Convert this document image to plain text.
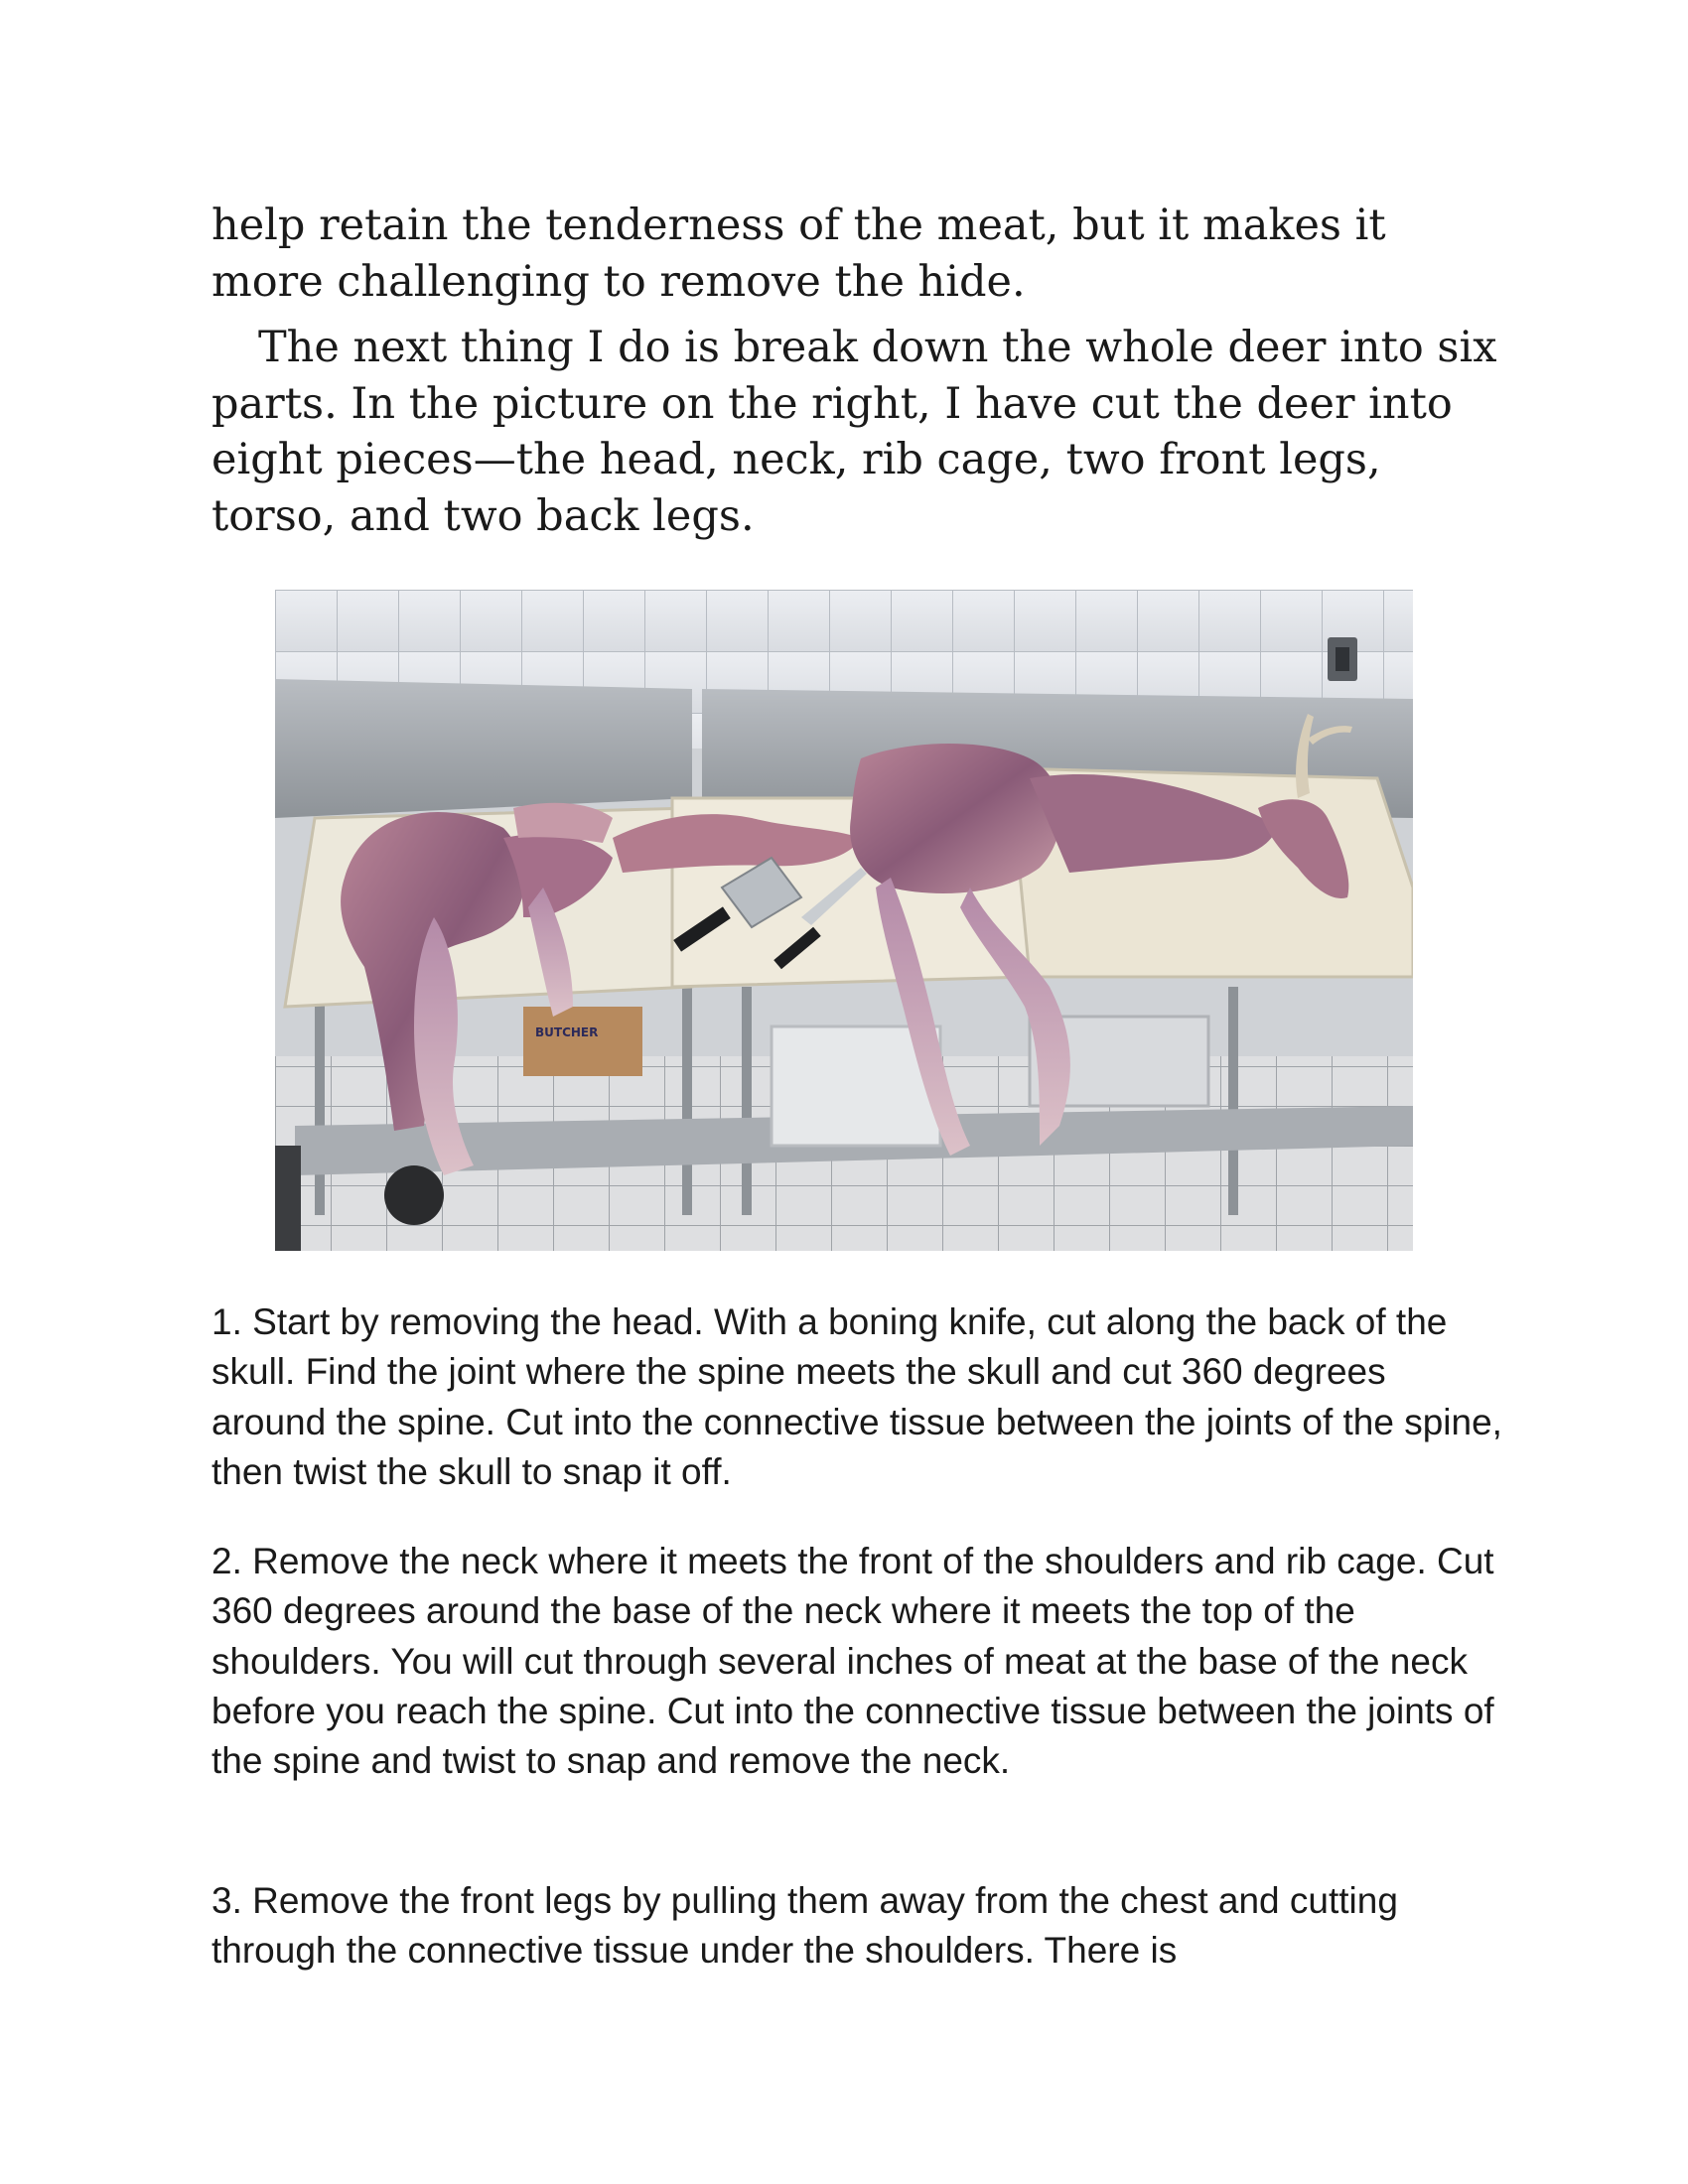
help retain the tenderness of the meat, but it makes it more challenging to remove the hide.

The next thing I do is break down the whole deer into six parts. In the picture on the right, I have cut the deer into eight pieces—the head, neck, rib cage, two front legs, torso, and two back legs.

BUTCHER

1. Start by removing the head. With a boning knife, cut along the back of the skull. Find the joint where the spine meets the skull and cut 360 degrees around the spine. Cut into the connective tissue between the joints of the spine, then twist the skull to snap it off.

2. Remove the neck where it meets the front of the shoulders and rib cage. Cut 360 degrees around the base of the neck where it meets the top of the shoulders. You will cut through several inches of meat at the base of the neck before you reach the spine. Cut into the connective tissue between the joints of the spine and twist to snap and remove the neck.

3. Remove the front legs by pulling them away from the chest and cutting through the connective tissue under the shoulders. There is
